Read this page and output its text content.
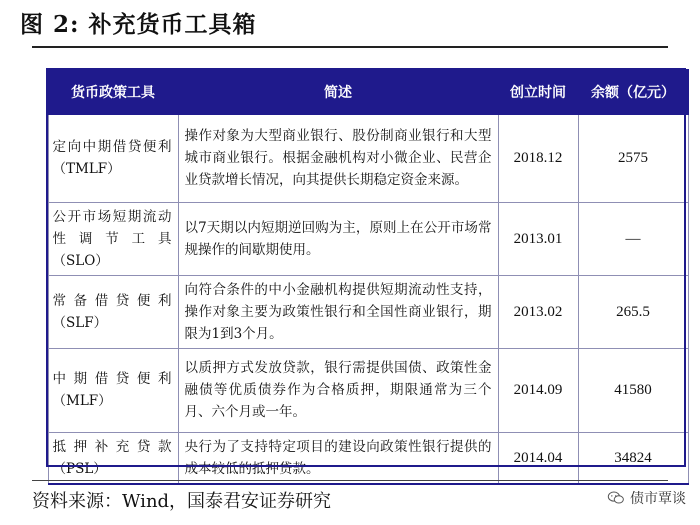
图 2: 补充货币工具箱
货币政策工具	简述	创立时间	余额（亿元）
定向中期借贷便利
（TMLF）	操作对象为大型商业银行、股份制商业银行和大型城市商业银行。根据金融机构对小微企业、民营企业贷款增长情况，向其提供长期稳定资金来源。	2018.12	2575
公开市场短期流动性调节工具
（SLO）	以7天期以内短期逆回购为主，原则上在公开市场常规操作的间歇期使用。	2013.01	—
常备借贷便利
（SLF）	向符合条件的中小金融机构提供短期流动性支持，操作对象主要为政策性银行和全国性商业银行，期限为1到3个月。	2013.02	265.5
中期借贷便利
（MLF）	以质押方式发放贷款，银行需提供国债、政策性金融债等优质债券作为合格质押，期限通常为三个月、六个月或一年。	2014.09	41580
抵押补充贷款
（PSL）	央行为了支持特定项目的建设向政策性银行提供的成本较低的抵押贷款。	2014.04	34824
资料来源：Wind，国泰君安证券研究	债市覃谈
